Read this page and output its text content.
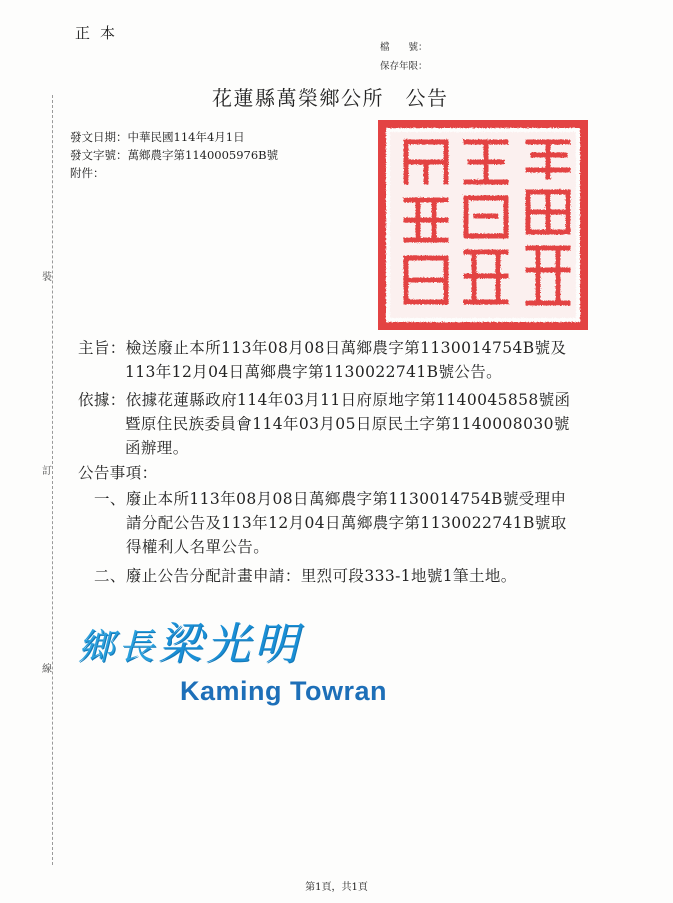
裝
訂
線
正本
檔　　號：
保存年限：
花蓮縣萬榮鄉公所　公告
發文日期：中華民國114年4月1日
發文字號：萬鄉農字第1140005976B號
附件：
主旨：檢送廢止本所113年08月08日萬鄉農字第1130014754B號及
113年12月04日萬鄉農字第1130022741B號公告。
依據：依據花蓮縣政府114年03月11日府原地字第1140045858號函
暨原住民族委員會114年03月05日原民土字第1140008030號
函辦理。
公告事項：
一、廢止本所113年08月08日萬鄉農字第1130014754B號受理申
請分配公告及113年12月04日萬鄉農字第1130022741B號取
得權利人名單公告。
二、廢止公告分配計畫申請：里烈可段333-1地號1筆土地。
鄉長梁光明
Kaming Towran
第1頁，共1頁
